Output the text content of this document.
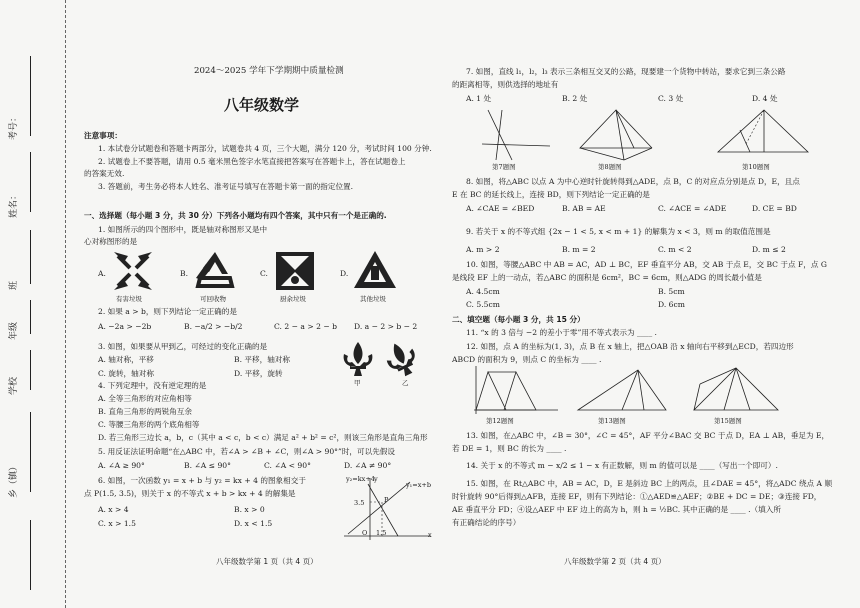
考号：
姓名：
班
年级
学校
乡（镇）
2024～2025 学年下学期期中质量检测
八年级数学
注意事项：
1. 本试卷分试题卷和答题卡两部分，试题卷共 4 页，三个大题，满分 120 分，考试时间 100 分钟.
2. 试题卷上不要答题，请用 0.5 毫米黑色签字水笔直接把答案写在答题卡上，答在试题卷上
的答案无效.
3. 答题前，考生务必将本人姓名、准考证号填写在答题卡第一面的指定位置.
一、选择题（每小题 3 分，共 30 分）下列各小题均有四个答案，其中只有一个是正确的.
1. 如图所示的四个图形中，既是轴对称图形又是中
心对称图形的是
A.
有害垃圾
B.
可回收物
C.
厨余垃圾
D.
其他垃圾
2. 如果 a > b，则下列结论一定正确的是
A. −2a > −2b	B. −a/2 > −b/2	C. 2 − a > 2 − b D. a − 2 > b − 2
3. 如图，如果要从甲到乙，可经过的变化正确的是
A. 轴对称，平移	B. 平移，轴对称
C. 旋转，轴对称	D. 平移，旋转
甲	乙
4. 下列定理中，没有逆定理的是
A. 全等三角形的对应角相等
B. 直角三角形的两锐角互余
C. 等腰三角形的两个底角相等
D. 若三角形三边长 a，b，c（其中 a < c，b < c）满足 a² + b² = c²，则该三角形是直角三角形
5. 用反证法证明命题“在△ABC 中，若∠A > ∠B + ∠C，则∠A > 90°”时，可以先假设
A. ∠A ≥ 90°	B. ∠A ≤ 90°	C. ∠A < 90°	D. ∠A ≠ 90°
6. 如图，一次函数 y₁ = x + b 与 y₂ = kx + 4 的图象相交于
点 P(1.5, 3.5)，则关于 x 的不等式 x + b > kx + 4 的解集是
A. x > 4	B. x > 0
C. x > 1.5	D. x < 1.5
y₂=kx+4
y₁=x+b
P
3.5
O 1.5	x
y
八年级数学第 1 页（共 4 页）
7. 如图，直线 l₁，l₂，l₃ 表示三条相互交叉的公路，现要建一个货物中转站，要求它到三条公路
的距离相等，则供选择的地址有
A. 1 处	B. 2 处	C. 3 处	D. 4 处
第7题图	第8题图	第10题图
8. 如图，将△ABC 以点 A 为中心逆时针旋转得到△ADE，点 B，C 的对应点分别是点 D，E，且点
E 在 BC 的延长线上，连接 BD，则下列结论一定正确的是
A. ∠CAE = ∠BED	B. AB = AE	C. ∠ACE = ∠ADE	D. CE = BD
9. 若关于 x 的不等式组 {2x − 1 < 5, x < m + 1} 的解集为 x < 3，则 m 的取值范围是
A. m > 2	B. m = 2	C. m < 2	D. m ≤ 2
10. 如图，等腰△ABC 中 AB = AC，AD ⊥ BC，EF 垂直平分 AB，交 AB 于点 E，交 BC 于点 F，点 G
是线段 EF 上的一动点，若△ABC 的面积是 6cm²，BC = 6cm，则△ADG 的周长最小值是
A. 4.5cm	B. 5cm
C. 5.5cm	D. 6cm
二、填空题（每小题 3 分，共 15 分）
11. “x 的 3 倍与 −2 的差小于零”用不等式表示为 ____ .
12. 如图，点 A 的坐标为(1, 3)，点 B 在 x 轴上，把△OAB 沿 x 轴向右平移到△ECD，若四边形
ABCD 的面积为 9，则点 C 的坐标为 ____ .
第12题图	第13题图	第15题图
13. 如图，在△ABC 中，∠B = 30°，∠C = 45°，AF 平分∠BAC 交 BC 于点 D，EA ⊥ AB，垂足为 E，
若 DE = 1，则 BC 的长为 ____ .
14. 关于 x 的不等式 m − x/2 ≤ 1 − x 有正数解，则 m 的值可以是 ____（写出一个即可）.
15. 如图，在 Rt△ABC 中，AB = AC，D，E 是斜边 BC 上的两点，且∠DAE = 45°，将△ADC 绕点 A 顺
时针旋转 90°后得到△AFB，连接 EF，则有下列结论：①△AED≌△AEF；②BE + DC = DE；③连接 FD，
AE 垂直平分 FD；④设△AEF 中 EF 边上的高为 h，则 h = ½BC. 其中正确的是 ____ .（填入所
有正确结论的序号）
八年级数学第 2 页（共 4 页）
